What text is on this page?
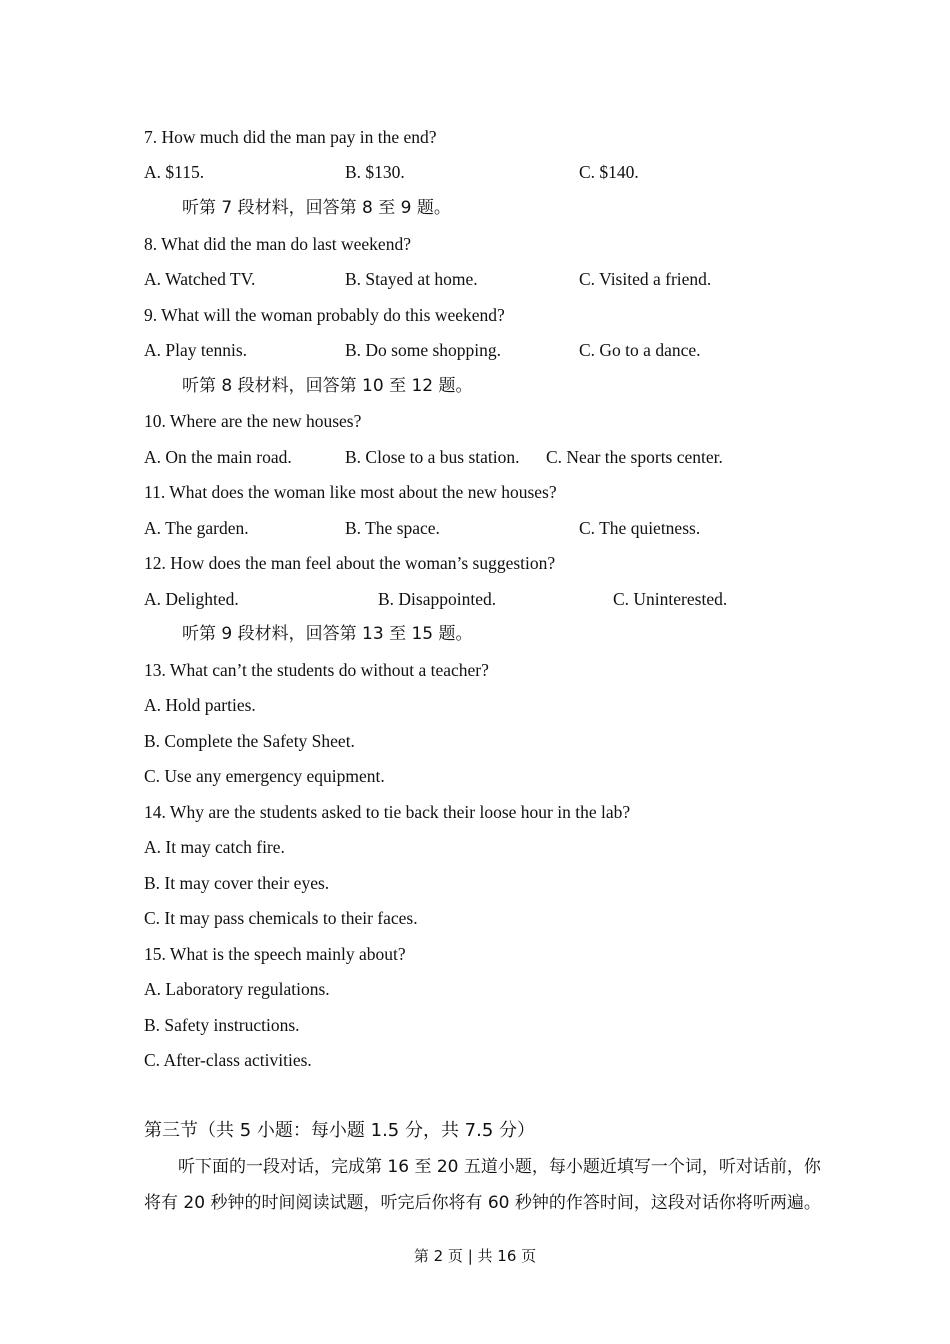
7. How much did the man pay in the end?
A. $115.	B. $130.	C. $140.
听第 7 段材料，回答第 8 至 9 题。
8. What did the man do last weekend?
A. Watched TV.	B. Stayed at home.	C. Visited a friend.
9. What will the woman probably do this weekend?
A. Play tennis.	B. Do some shopping.	C. Go to a dance.
听第 8 段材料，回答第 10 至 12 题。
10. Where are the new houses?
A. On the main road.	B. Close to a bus station. C. Near the sports center.
11. What does the woman like most about the new houses?
A. The garden.	B. The space.	C. The quietness.
12. How does the man feel about the woman’s suggestion?
A. Delighted.	B. Disappointed.	C. Uninterested.
听第 9 段材料，回答第 13 至 15 题。
13. What can’t the students do without a teacher?
A. Hold parties.
B. Complete the Safety Sheet.
C. Use any emergency equipment.
14. Why are the students asked to tie back their loose hour in the lab?
A. It may catch fire.
B. It may cover their eyes.
C. It may pass chemicals to their faces.
15. What is the speech mainly about?
A. Laboratory regulations.
B. Safety instructions.
C. After-class activities.
第三节（共 5 小题：每小题 1.5 分，共 7.5 分）
听下面的一段对话，完成第 16 至 20 五道小题，每小题近填写一个词，听对话前，你
将有 20 秒钟的时间阅读试题，听完后你将有 60 秒钟的作答时间，这段对话你将听两遍。
第 2 页 | 共 16 页
